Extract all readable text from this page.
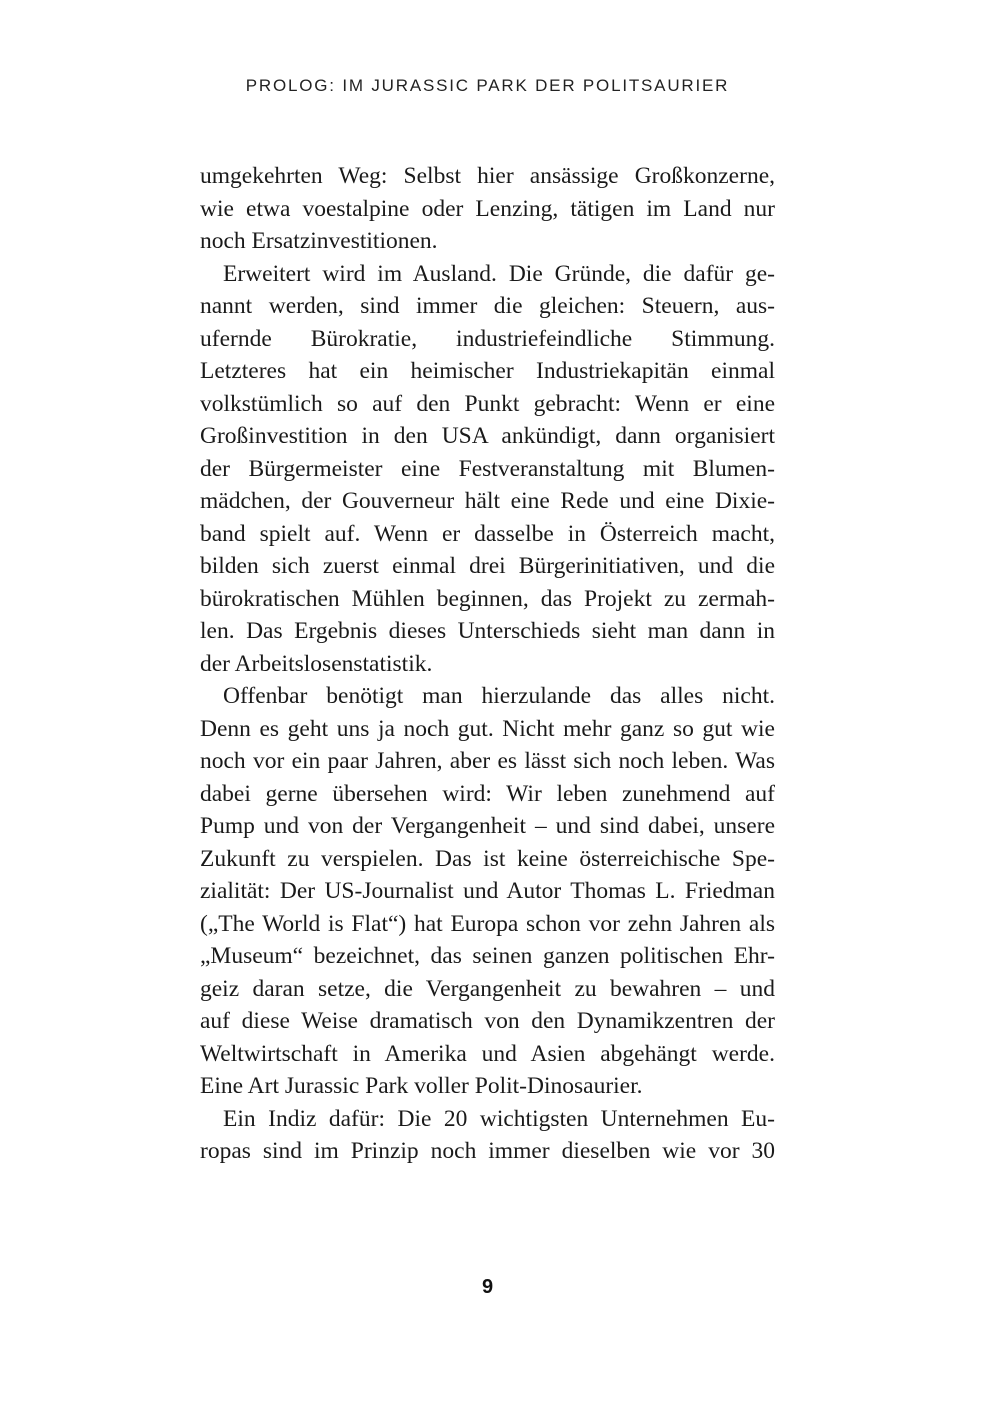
PROLOG: IM JURASSIC PARK DER POLITSAURIER
umgekehrten Weg: Selbst hier ansässige Großkonzerne,
wie etwa voestalpine oder Lenzing, tätigen im Land nur
noch Ersatzinvestitionen.
Erweitert wird im Ausland. Die Gründe, die dafür ge-
nannt werden, sind immer die gleichen: Steuern, aus-
ufernde Bürokratie, industriefeindliche Stimmung.
Letzteres hat ein heimischer Industriekapitän einmal
volkstümlich so auf den Punkt gebracht: Wenn er eine
Großinvestition in den USA ankündigt, dann organisiert
der Bürgermeister eine Festveranstaltung mit Blumen-
mädchen, der Gouverneur hält eine Rede und eine Dixie-
band spielt auf. Wenn er dasselbe in Österreich macht,
bilden sich zuerst einmal drei Bürgerinitiativen, und die
bürokratischen Mühlen beginnen, das Projekt zu zermah-
len. Das Ergebnis dieses Unterschieds sieht man dann in
der Arbeitslosenstatistik.
Offenbar benötigt man hierzulande das alles nicht.
Denn es geht uns ja noch gut. Nicht mehr ganz so gut wie
noch vor ein paar Jahren, aber es lässt sich noch leben. Was
dabei gerne übersehen wird: Wir leben zunehmend auf
Pump und von der Vergangenheit – und sind dabei, unsere
Zukunft zu verspielen. Das ist keine österreichische Spe-
zialität: Der US-Journalist und Autor Thomas L. Friedman
(„The World is Flat“) hat Europa schon vor zehn Jahren als
„Museum“ bezeichnet, das seinen ganzen politischen Ehr-
geiz daran setze, die Vergangenheit zu bewahren – und
auf diese Weise dramatisch von den Dynamikzentren der
Weltwirtschaft in Amerika und Asien abgehängt werde.
Eine Art Jurassic Park voller Polit-Dinosaurier.
Ein Indiz dafür: Die 20 wichtigsten Unternehmen Eu-
ropas sind im Prinzip noch immer dieselben wie vor 30
9
